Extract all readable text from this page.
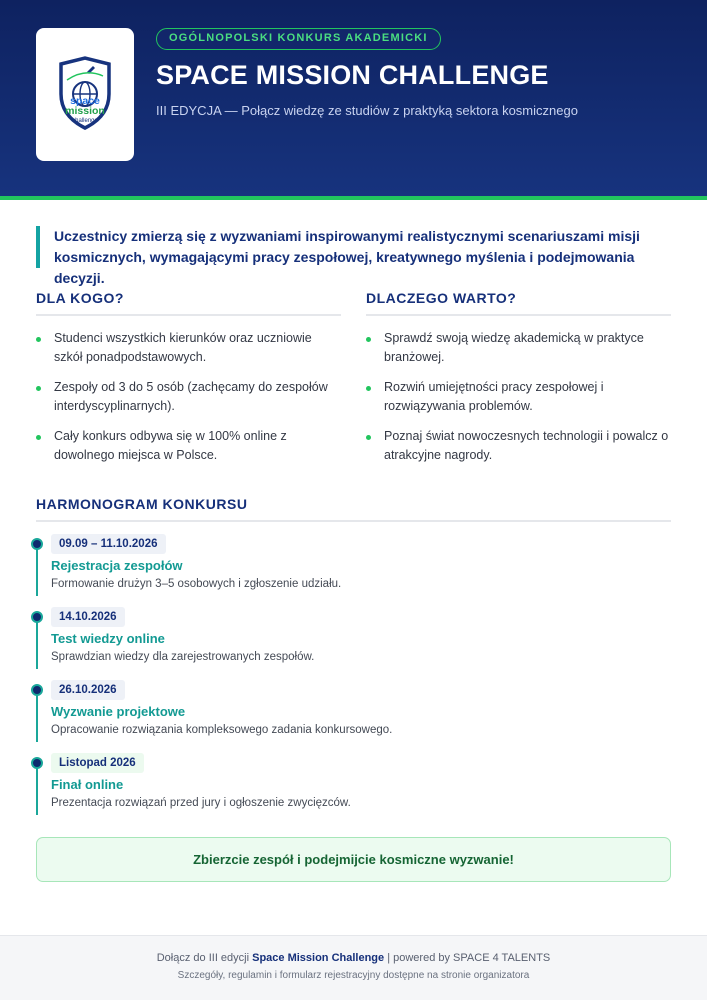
space
mission
challenge
OGÓLNOPOLSKI KONKURS AKADEMICKI
SPACE MISSION CHALLENGE
III EDYCJA — Połącz wiedzę ze studiów z praktyką sektora kosmicznego

Uczestnicy zmierzą się z wyzwaniami inspirowanymi realistycznymi scenariuszami misji kosmicznych, wymagającymi pracy zespołowej, kreatywnego myślenia i podejmowania decyzji.

DLA KOGO?
Studenci wszystkich kierunków oraz uczniowie szkół ponadpodstawowych.
Zespoły od 3 do 5 osób (zachęcamy do zespołów interdyscyplinarnych).
Cały konkurs odbywa się w 100% online z dowolnego miejsca w Polsce.
DLACZEGO WARTO?
Sprawdź swoją wiedzę akademicką w praktyce branżowej.
Rozwiń umiejętności pracy zespołowej i rozwiązywania problemów.
Poznaj świat nowoczesnych technologii i powalcz o atrakcyjne nagrody.
HARMONOGRAM KONKURSU
09.09 – 11.10.2026
Rejestracja zespołów
Formowanie drużyn 3–5 osobowych i zgłoszenie udziału.
14.10.2026
Test wiedzy online
Sprawdzian wiedzy dla zarejestrowanych zespołów.
26.10.2026
Wyzwanie projektowe
Opracowanie rozwiązania kompleksowego zadania konkursowego.
Listopad 2026
Finał online
Prezentacja rozwiązań przed jury i ogłoszenie zwycięzców.
Zbierzcie zespół i podejmijcie kosmiczne wyzwanie!
Dołącz do III edycji Space Mission Challenge | powered by SPACE 4 TALENTS
Szczegóły, regulamin i formularz rejestracyjny dostępne na stronie organizatora
